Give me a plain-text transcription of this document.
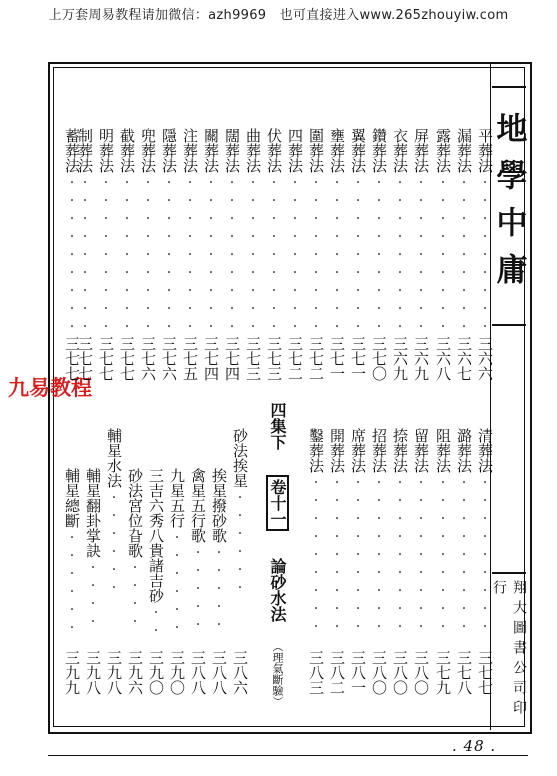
上万套周易教程请加微信：azh9969　也可直接进入www.265zhouyiw.com
地學中庸
翔大圖書公司印行
九易教程
平葬法·········
三六六
漏葬法·········
三六七
露葬法·········
三六八
屏葬法·········
三六九
衣葬法·········
三六九
鑽葬法·········
三七〇
翼葬法·········
三七一
壅葬法·········
三七一
圍葬法·········
三七二
四葬法·········
三七二
伏葬法·········
三七三
曲葬法·········
三七三
闊葬法·········
三七四
關葬法·········
三七四
注葬法·········
三七五
隱葬法·········
三七六
兜葬法·········
三七六
截葬法·········
三七七
明葬法·········
三七七
制葬法·········
三七七
蓄葬法·········
三七七
清葬法·········
三七七
潞葬法·········
三七八
阻葬法·········
三七九
留葬法·········
三八〇
捺葬法·········
三八〇
招葬法·········
三八〇
席葬法·········
三八一
開葬法·········
三八二
鑿葬法·········
三八三
四集下 卷十一 論砂水法 （理氣斷驗）
砂法挨星······
三八六
挨星撥砂歌·····
三八八
禽星五行歌·····
三八八
九星五行······
三九〇
三吉六秀八貴諸吉砂··
三九〇
砂法宮位旮歌····
三九六
輔星水法······
三九八
輔星翻卦掌訣····
三九八
輔星總斷······
三九九
. 48 .
